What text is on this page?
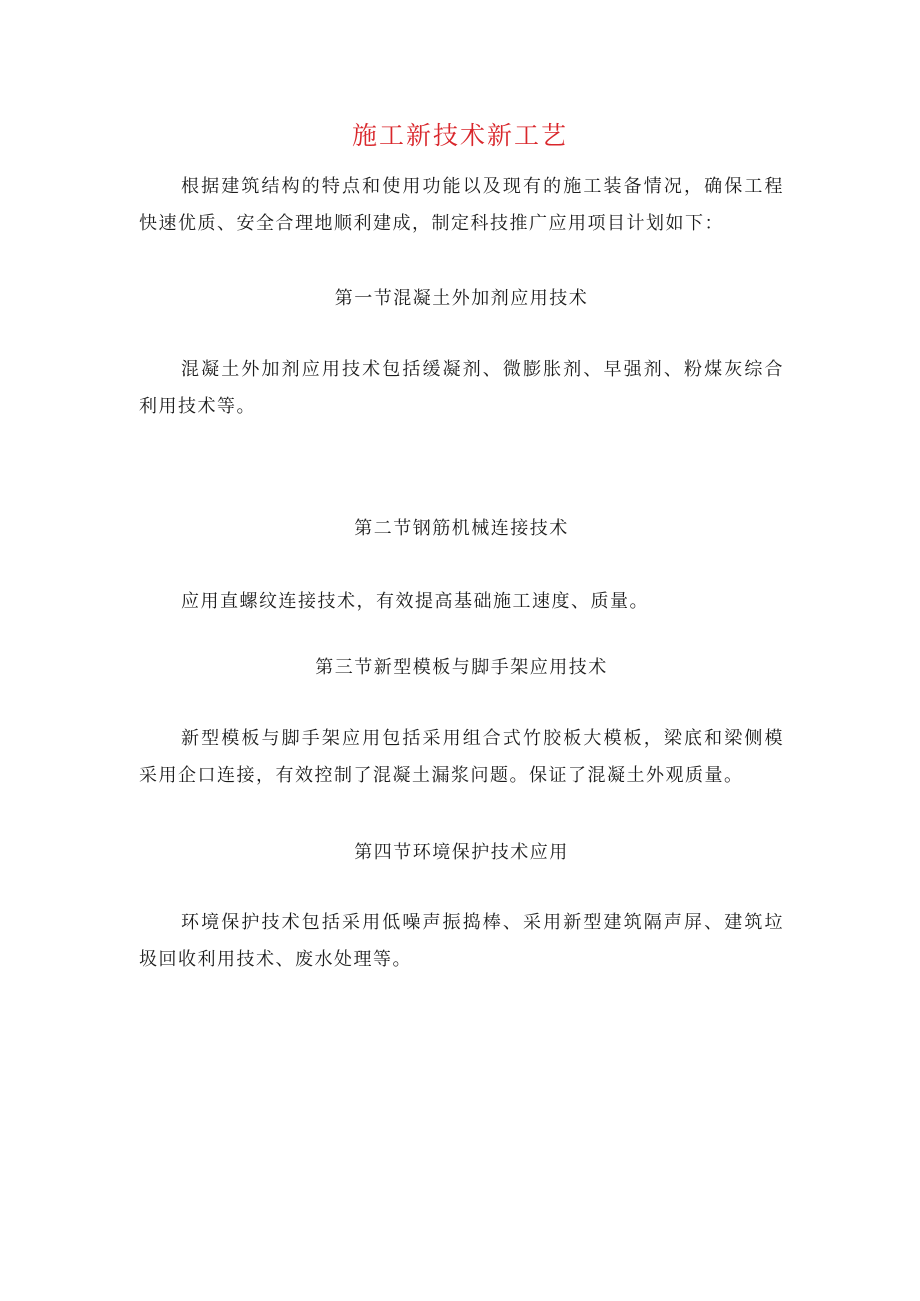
施工新技术新工艺

根据建筑结构的特点和使用功能以及现有的施工装备情况，确保工程快速优质、安全合理地顺利建成，制定科技推广应用项目计划如下：

第一节混凝土外加剂应用技术

混凝土外加剂应用技术包括缓凝剂、微膨胀剂、早强剂、粉煤灰综合利用技术等。

第二节钢筋机械连接技术

应用直螺纹连接技术，有效提高基础施工速度、质量。

第三节新型模板与脚手架应用技术

新型模板与脚手架应用包括采用组合式竹胶板大模板，梁底和梁侧模采用企口连接，有效控制了混凝土漏浆问题。保证了混凝土外观质量。

第四节环境保护技术应用

环境保护技术包括采用低噪声振捣棒、采用新型建筑隔声屏、建筑垃圾回收利用技术、废水处理等。
